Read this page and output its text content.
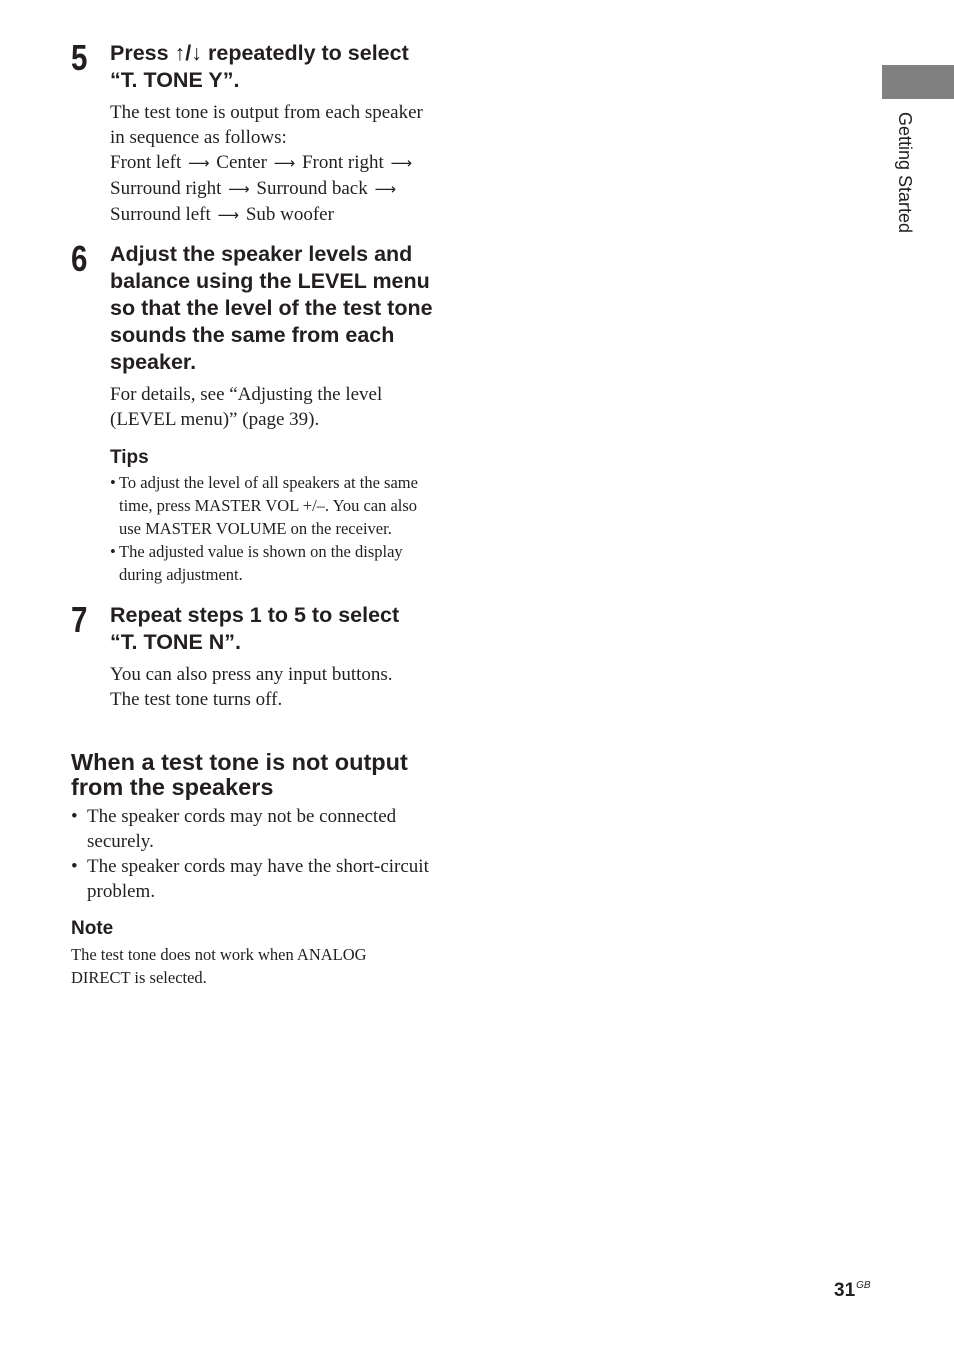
5 Press ↑/↓ repeatedly to select
“T. TONE Y”.
The test tone is output from each speaker
in sequence as follows:
Front left ⟶ Center ⟶ Front right ⟶
Surround right ⟶ Surround back ⟶
Surround left ⟶ Sub woofer
6 Adjust the speaker levels and
balance using the LEVEL menu
so that the level of the test tone
sounds the same from each
speaker.
For details, see “Adjusting the level
(LEVEL menu)” (page 39).
Tips
• To adjust the level of all speakers at the same
time, press MASTER VOL +/–. You can also
use MASTER VOLUME on the receiver.
• The adjusted value is shown on the display
during adjustment.
7 Repeat steps 1 to 5 to select
“T. TONE N”.
You can also press any input buttons.
The test tone turns off.
When a test tone is not output
from the speakers
• The speaker cords may not be connected
securely.
• The speaker cords may have the short-circuit
problem.
Note
The test tone does not work when ANALOG
DIRECT is selected.
Getting Started
$31^{GB}$
